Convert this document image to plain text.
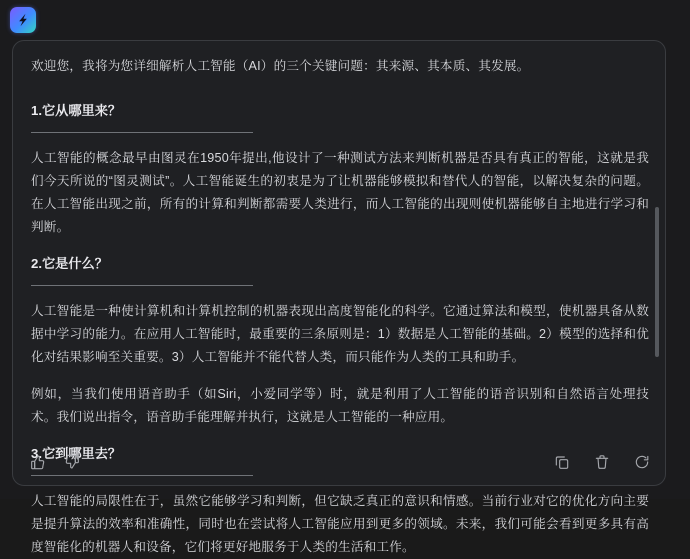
欢迎您，我将为您详细解析人工智能（AI）的三个关键问题：其来源、其本质、其发展。

1.它从哪里来？

人工智能的概念最早由图灵在1950年提出,他设计了一种测试方法来判断机器是否具有真正的智能，这就是我们今天所说的“图灵测试”。人工智能诞生的初衷是为了让机器能够模拟和替代人的智能，以解决复杂的问题。在人工智能出现之前，所有的计算和判断都需要人类进行，而人工智能的出现则使机器能够自主地进行学习和判断。

2.它是什么？

人工智能是一种使计算机和计算机控制的机器表现出高度智能化的科学。它通过算法和模型，使机器具备从数据中学习的能力。在应用人工智能时，最重要的三条原则是：1）数据是人工智能的基础。2）模型的选择和优化对结果影响至关重要。3）人工智能并不能代替人类，而只能作为人类的工具和助手。

例如，当我们使用语音助手（如Siri，小爱同学等）时，就是利用了人工智能的语音识别和自然语言处理技术。我们说出指令，语音助手能理解并执行，这就是人工智能的一种应用。

3.它到哪里去？

人工智能的局限性在于，虽然它能够学习和判断，但它缺乏真正的意识和情感。当前行业对它的优化方向主要是提升算法的效率和准确性，同时也在尝试将人工智能应用到更多的领域。未来，我们可能会看到更多具有高度智能化的机器人和设备，它们将更好地服务于人类的生活和工作。
